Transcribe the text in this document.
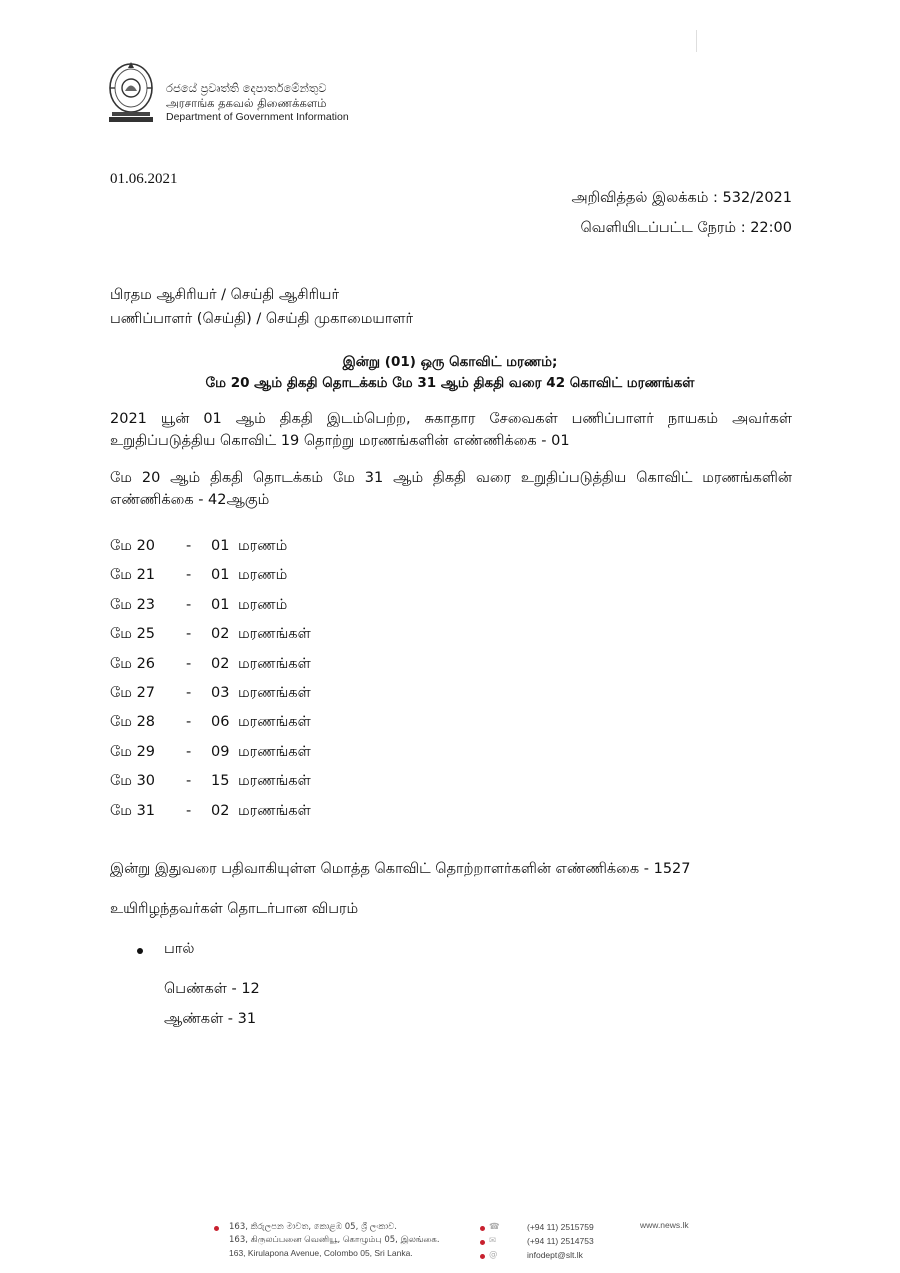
රජයේ ප්‍රවෘත්ති දෙපාර්තමේන්තුව
அரசாங்க தகவல் திணைக்களம்
Department of Government Information
01.06.2021
அறிவித்தல் இலக்கம் : 532/2021
வெளியிடப்பட்ட நேரம் : 22:00
பிரதம ஆசிரியர் / செய்தி ஆசிரியர்
பணிப்பாளர் (செய்தி) / செய்தி முகாமையாளர்
இன்று (01) ஒரு கொவிட் மரணம்;
மே 20 ஆம் திகதி தொடக்கம் மே 31 ஆம் திகதி வரை 42 கொவிட் மரணங்கள்
2021 யூன் 01 ஆம் திகதி இடம்பெற்ற, சுகாதார சேவைகள் பணிப்பாளர் நாயகம் அவர்கள் உறுதிப்படுத்திய கொவிட் 19 தொற்று மரணங்களின் எண்ணிக்கை - 01
மே 20 ஆம் திகதி தொடக்கம் மே 31 ஆம் திகதி வரை உறுதிப்படுத்திய கொவிட் மரணங்களின் எண்ணிக்கை - 42ஆகும்
மே 20 - 01 மரணம்
மே 21 - 01 மரணம்
மே 23 - 01 மரணம்
மே 25 - 02 மரணங்கள்
மே 26 - 02 மரணங்கள்
மே 27 - 03 மரணங்கள்
மே 28 - 06 மரணங்கள்
மே 29 - 09 மரணங்கள்
மே 30 - 15 மரணங்கள்
மே 31 - 02 மரணங்கள்
இன்று இதுவரை பதிவாகியுள்ள மொத்த கொவிட் தொற்றாளர்களின் எண்ணிக்கை - 1527
உயிரிழந்தவர்கள் தொடர்பான விபரம்
பால்
பெண்கள் - 12
ஆண்கள் - 31
163, කිරුලපන මාවත, කොළඹ 05, ශ්‍රී ලංකාව.
163, கிருலப்பனை வெனியூ, கொழும்பு 05, இலங்கை.
163, Kirulapona Avenue, Colombo 05, Sri Lanka.
☎	(+94 11) 2515759
✉	(+94 11) 2514753
@	infodept@slt.lk
www.news.lk
